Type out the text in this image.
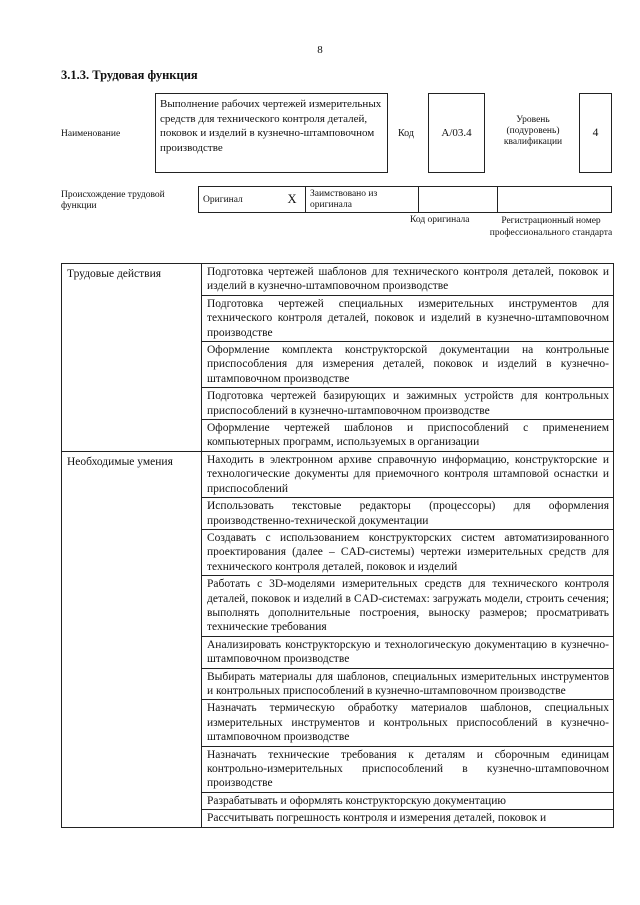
8
3.1.3. Трудовая функция
Наименование
Выполнение рабочих чертежей измерительных средств для технического контроля деталей, поковок и изделий в кузнечно-штамповочном производстве
Код	А/03.4
Уровень (подуровень) квалификации
4
Происхождение трудовой функции
Оригинал	X	Заимствовано из оригинала		
Код оригинала	Регистрационный номер профессионального стандарта
Трудовые действия	Подготовка чертежей шаблонов для технического контроля деталей, поковок и изделий в кузнечно-штамповочном производстве
	Подготовка чертежей специальных измерительных инструментов для технического контроля деталей, поковок и изделий в кузнечно-штамповочном производстве
	Оформление комплекта конструкторской документации на контрольные приспособления для измерения деталей, поковок и изделий в кузнечно-штамповочном производстве
	Подготовка чертежей базирующих и зажимных устройств для контрольных приспособлений в кузнечно-штамповочном производстве
	Оформление чертежей шаблонов и приспособлений с применением компьютерных программ, используемых в организации
Необходимые умения	Находить в электронном архиве справочную информацию, конструкторские и технологические документы для приемочного контроля штамповой оснастки и приспособлений
	Использовать текстовые редакторы (процессоры) для оформления производственно-технической документации
	Создавать с использованием конструкторских систем автоматизированного проектирования (далее – CAD-системы) чертежи измерительных средств для технического контроля деталей, поковок и изделий
	Работать с 3D-моделями измерительных средств для технического контроля деталей, поковок и изделий в CAD-системах: загружать модели, строить сечения; выполнять дополнительные построения, выноску размеров; просматривать технические требования
	Анализировать конструкторскую и технологическую документацию в кузнечно-штамповочном производстве
	Выбирать материалы для шаблонов, специальных измерительных инструментов и контрольных приспособлений в кузнечно-штамповочном производстве
	Назначать термическую обработку материалов шаблонов, специальных измерительных инструментов и контрольных приспособлений в кузнечно-штамповочном производстве
	Назначать технические требования к деталям и сборочным единицам контрольно-измерительных приспособлений в кузнечно-штамповочном производстве
	Разрабатывать и оформлять конструкторскую документацию
	Рассчитывать погрешность контроля и измерения деталей, поковок и
